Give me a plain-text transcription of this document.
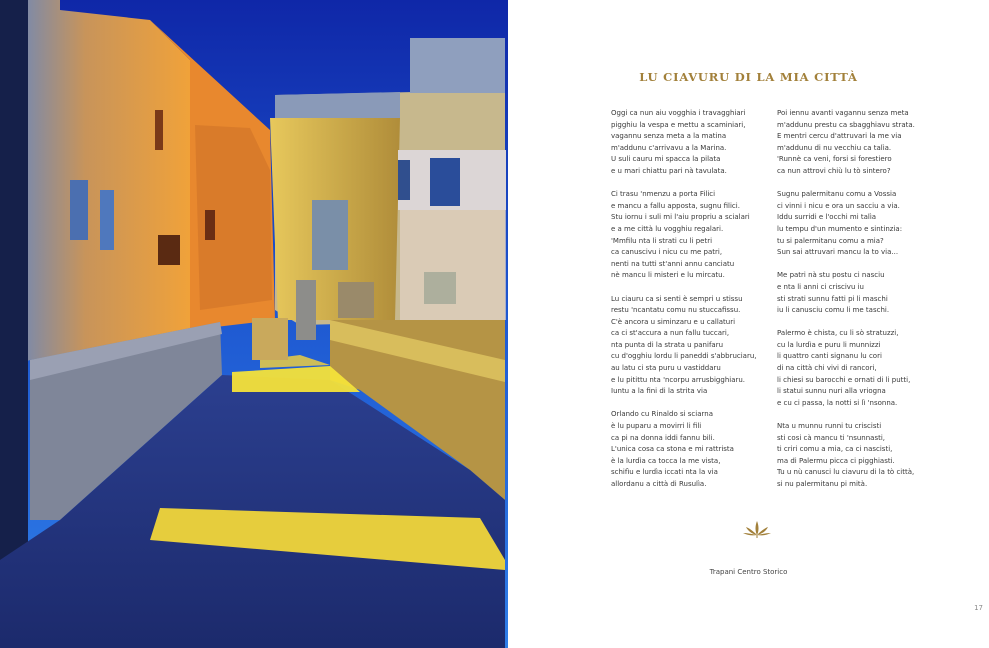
LU CIAVURU DI LA MIA CITTÀ
Oggi ca nun aiu vogghia i travagghiari
pigghiu la vespa e mettu a scaminiari,
vagannu senza meta a la matina
m'addunu c'arrivavu a la Marina.
U suli cauru mi spacca la pilata
e u mari chiattu pari nà tavulata.
Ci trasu 'nmenzu a porta Filici
e mancu a fallu apposta, sugnu filici.
Stu iornu i suli mi l'aiu propriu a scialari
e a me città lu vogghiu regalari.
'Mmfilu nta li strati cu li petri
ca canuscivu i nicu cu me patri,
nenti na tutti st'anni annu canciatu
nè mancu li misteri e lu mircatu.
Lu ciauru ca si senti è sempri u stissu
restu 'ncantatu comu nu stuccafissu.
C'è ancora u siminzaru e u callaturi
ca ci st'accura a nun fallu tuccari,
nta punta di la strata u panifaru
cu d'ogghiu lordu li paneddi s'abbruciaru,
au latu ci sta puru u vastiddaru
e lu pitittu nta 'ncorpu arrusbigghiaru.
Iuntu a la fini di la strita via
Orlando cu Rinaldo si sciarna
è lu puparu a movirri li fili
ca pi na donna iddi fannu bili.
L'unica cosa ca stona e mi rattrista
è la lurdìa ca tocca la me vista,
schifìu e lurdìa iccati nta la via
allordanu a città di Rusulìa.
Poi iennu avanti vagannu senza meta
m'addunu prestu ca sbagghiavu strata.
E mentri cercu d'attruvari la me via
m'addunu di nu vecchiu ca talìa.
'Runnè ca veni, forsi si forestiero
ca nun attrovi chiù lu tò sintero?
Sugnu palermitanu comu a Vossia
ci vinni i nicu e ora un sacciu a via.
Iddu surridi e l'occhi mi talìa
lu tempu d'un mumento e sintinzia:
tu si palermitanu comu a mia?
Sun sai attruvari mancu la to via...
Me patri nà stu postu ci nasciu
e nta li anni ci criscivu iu
sti strati sunnu fatti pi li maschi
iu li canusciu comu li me taschi.
Palermo è chista, cu li sò stratuzzi,
cu la lurdìa e puru li munnizzi
li quattro canti signanu lu cori
di na città chi vivi di rancori,
li chiesi su barocchi e ornati di li putti,
li statui sunnu nuri alla vriogna
e cu ci passa, la notti si lì 'nsonna.
Nta u munnu runni tu criscisti
sti cosi cà mancu ti 'nsunnasti,
ti criri comu a mia, ca ci nascisti,
ma di Palermu picca ci pigghiasti.
Tu u nù canusci lu ciavuru di la tò città,
si nu palermitanu pi mità.
Trapani Centro Storico
17
